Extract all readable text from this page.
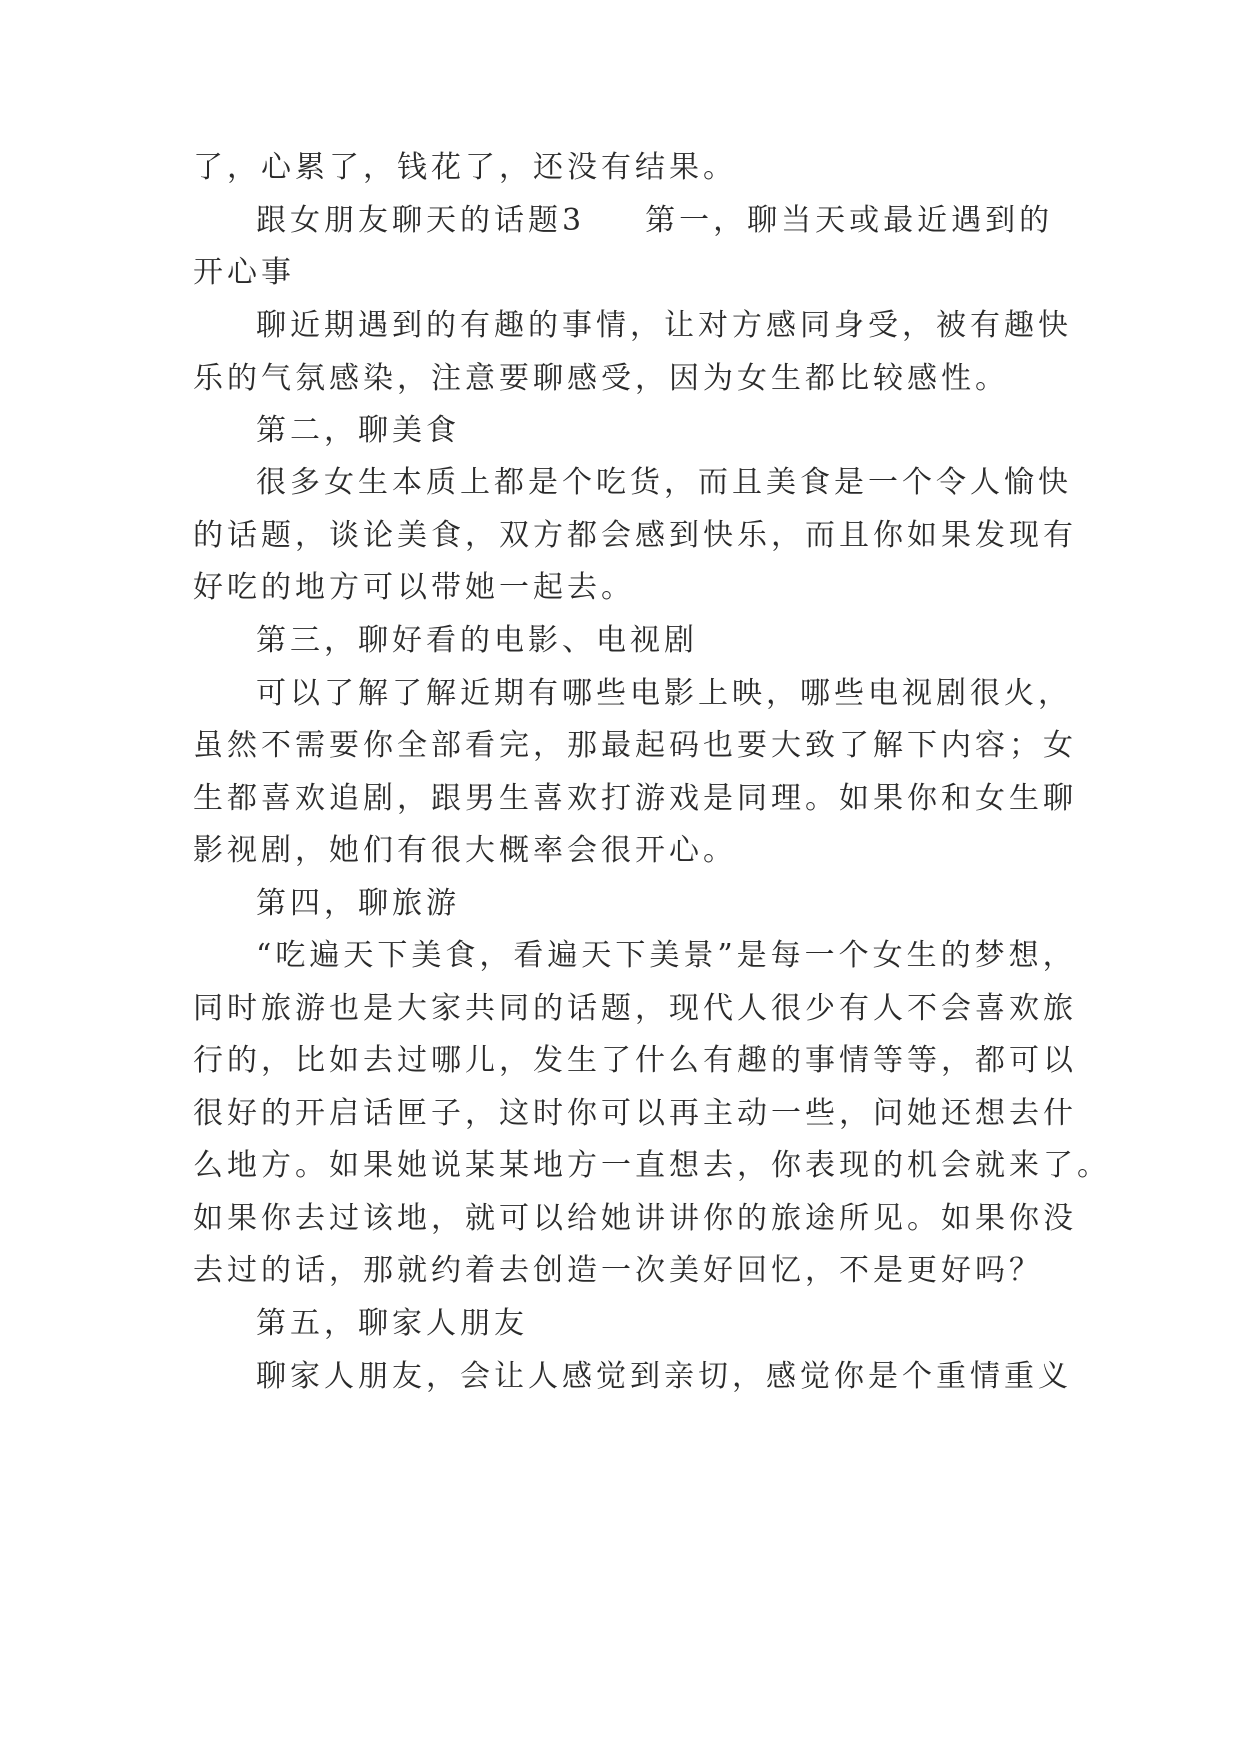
了，心累了，钱花了，还没有结果。

跟女朋友聊天的话题3 第一，聊当天或最近遇到的

开心事

聊近期遇到的有趣的事情，让对方感同身受，被有趣快

乐的气氛感染，注意要聊感受，因为女生都比较感性。

第二，聊美食

很多女生本质上都是个吃货，而且美食是一个令人愉快

的话题，谈论美食，双方都会感到快乐，而且你如果发现有

好吃的地方可以带她一起去。

第三，聊好看的电影、电视剧

可以了解了解近期有哪些电影上映，哪些电视剧很火，

虽然不需要你全部看完，那最起码也要大致了解下内容；女

生都喜欢追剧，跟男生喜欢打游戏是同理。如果你和女生聊

影视剧，她们有很大概率会很开心。

第四，聊旅游

“吃遍天下美食，看遍天下美景”是每一个女生的梦想，

同时旅游也是大家共同的话题，现代人很少有人不会喜欢旅

行的，比如去过哪儿，发生了什么有趣的事情等等，都可以

很好的开启话匣子，这时你可以再主动一些，问她还想去什

么地方。如果她说某某地方一直想去，你表现的机会就来了。

如果你去过该地，就可以给她讲讲你的旅途所见。如果你没

去过的话，那就约着去创造一次美好回忆，不是更好吗？

第五，聊家人朋友

聊家人朋友，会让人感觉到亲切，感觉你是个重情重义
